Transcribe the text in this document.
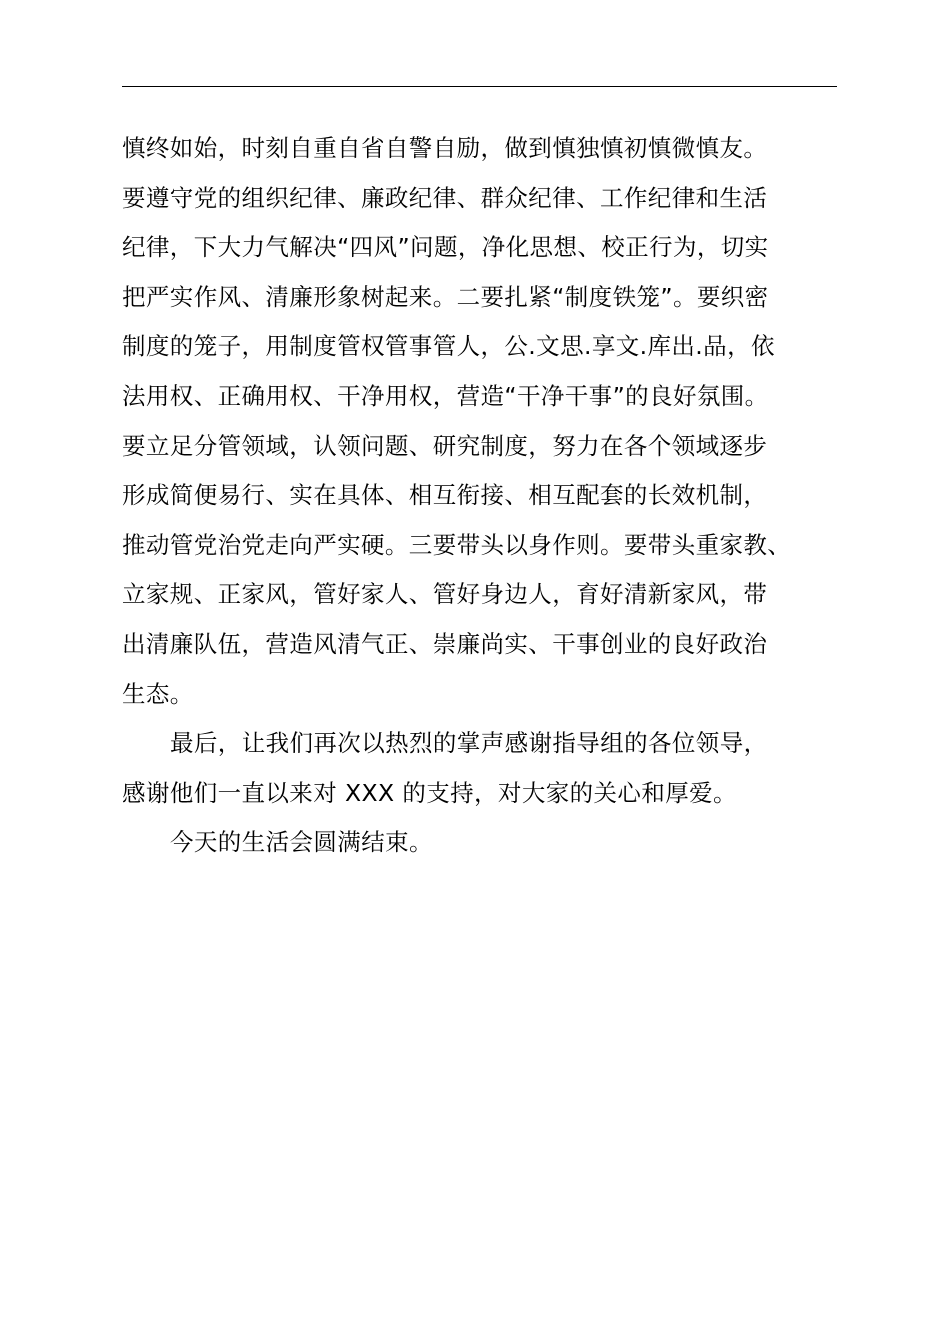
慎终如始，时刻自重自省自警自励，做到慎独慎初慎微慎友。
要遵守党的组织纪律、廉政纪律、群众纪律、工作纪律和生活
纪律，下大力气解决“四风”问题，净化思想、校正行为，切实
把严实作风、清廉形象树起来。二要扎紧“制度铁笼”。要织密
制度的笼子，用制度管权管事管人，公.文思.享文.库出.品，依
法用权、正确用权、干净用权，营造“干净干事”的良好氛围。
要立足分管领域，认领问题、研究制度，努力在各个领域逐步
形成简便易行、实在具体、相互衔接、相互配套的长效机制，
推动管党治党走向严实硬。三要带头以身作则。要带头重家教、
立家规、正家风，管好家人、管好身边人，育好清新家风，带
出清廉队伍，营造风清气正、崇廉尚实、干事创业的良好政治
生态。
最后，让我们再次以热烈的掌声感谢指导组的各位领导，
感谢他们一直以来对 XXX 的支持，对大家的关心和厚爱。
今天的生活会圆满结束。
